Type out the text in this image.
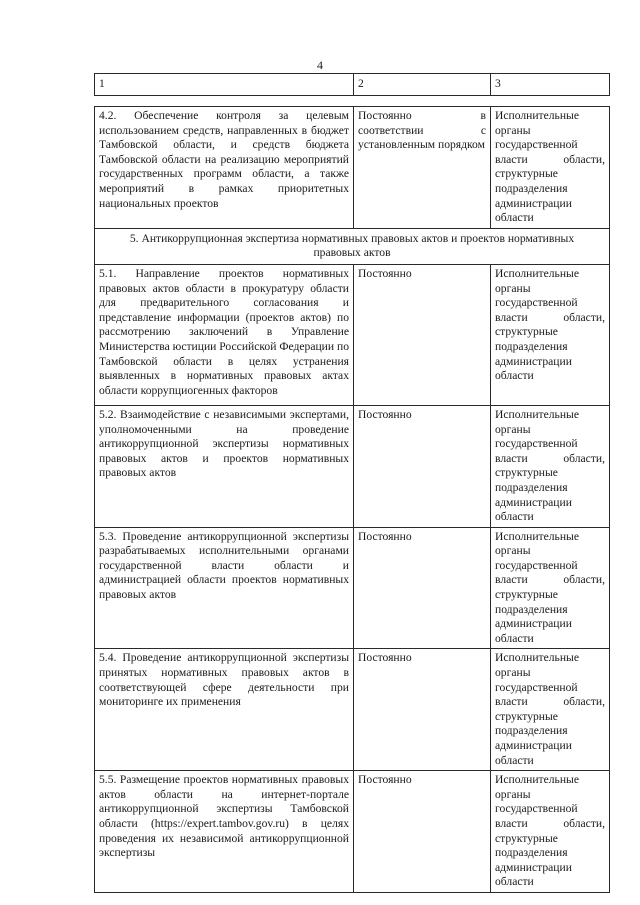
4
1	2	3
4.2. Обеспечение контроля за целевым использованием средств, направленных в бюджет Тамбовской области, и средств бюджета Тамбовской области на реализацию мероприятий государственных программ области, а также мероприятий в рамках приоритетных национальных проектов	Постоянно в соответствии с установленным порядком	Исполнительные органы государственной власти области, структурные подразделения администрации области
5. Антикоррупционная экспертиза нормативных правовых актов и проектов нормативных правовых актов		
5.1. Направление проектов нормативных правовых актов области в прокуратуру области для предварительного согласования и представление информации (проектов актов) по рассмотрению заключений в Управление Министерства юстиции Российской Федерации по Тамбовской области в целях устранения выявленных в нормативных правовых актах области коррупциогенных факторов	Постоянно	Исполнительные органы государственной власти области, структурные подразделения администрации области
5.2. Взаимодействие с независимыми экспертами, уполномоченными на проведение антикоррупционной экспертизы нормативных правовых актов и проектов нормативных правовых актов	Постоянно	Исполнительные органы государственной власти области, структурные подразделения администрации области
5.3. Проведение антикоррупционной экспертизы разрабатываемых исполнительными органами государственной власти области и администрацией области проектов нормативных правовых актов	Постоянно	Исполнительные органы государственной власти области, структурные подразделения администрации области
5.4. Проведение антикоррупционной экспертизы принятых нормативных правовых актов в соответствующей сфере деятельности при мониторинге их применения	Постоянно	Исполнительные органы государственной власти области, структурные подразделения администрации области
5.5. Размещение проектов нормативных правовых актов области на интернет-портале антикоррупционной экспертизы Тамбовской области (https://expert.tambov.gov.ru) в целях проведения их независимой антикоррупционной экспертизы	Постоянно	Исполнительные органы государственной власти области, структурные подразделения администрации области
